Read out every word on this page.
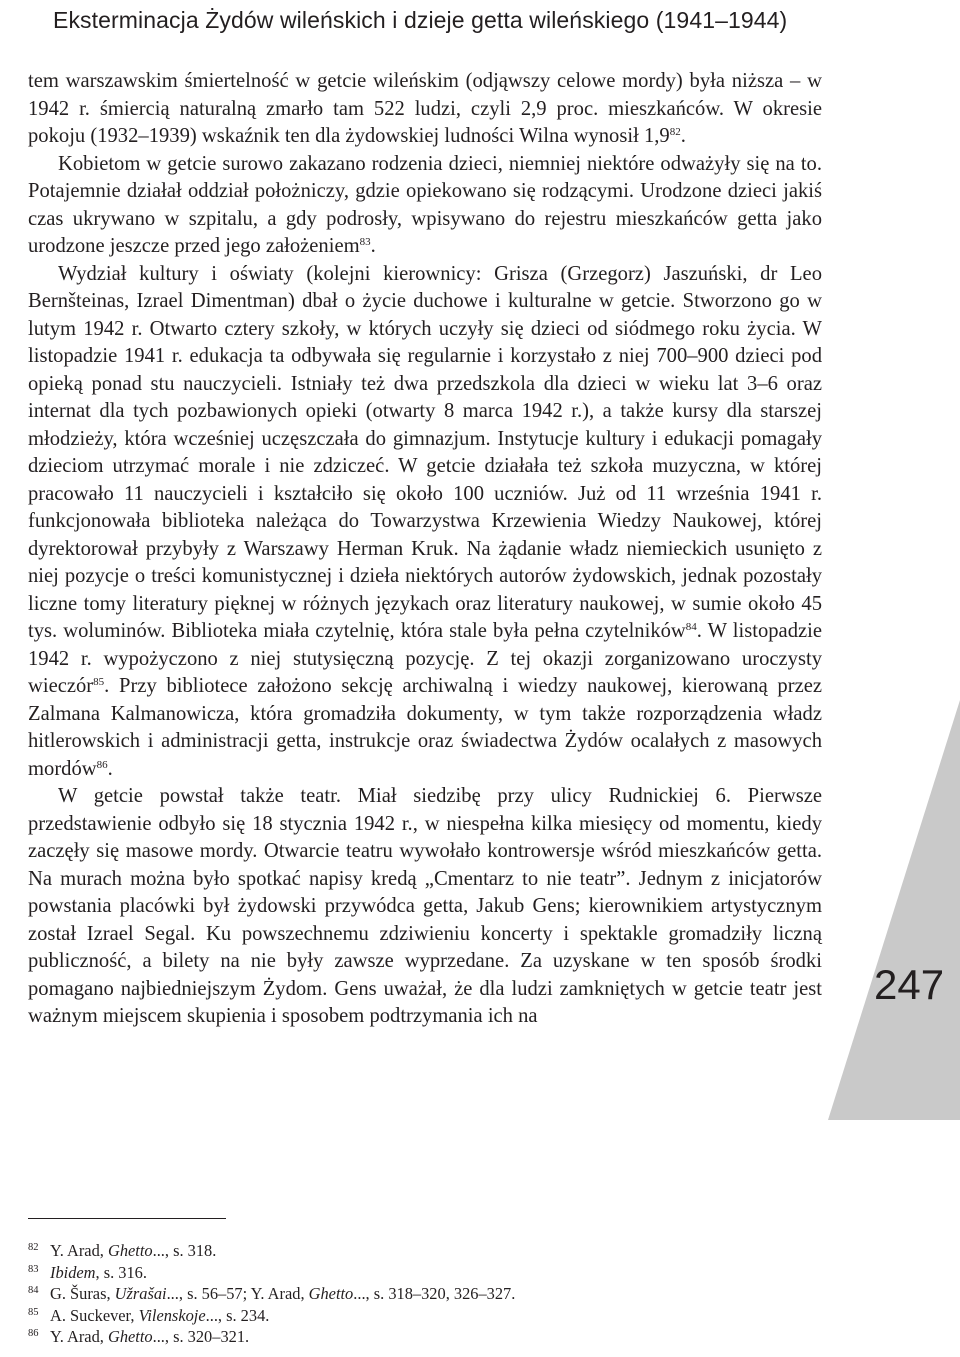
Eksterminacja Żydów wileńskich i dzieje getta wileńskiego (1941–1944)
247

tem warszawskim śmiertelność w getcie wileńskim (odjąwszy celowe mordy) była niższa – w 1942 r. śmiercią naturalną zmarło tam 522 ludzi, czyli 2,9 proc. mieszkańców. W okresie pokoju (1932–1939) wskaźnik ten dla żydowskiej ludności Wilna wynosił $1,9^{82}$.

Kobietom w getcie surowo zakazano rodzenia dzieci, niemniej niektóre odważyły się na to. Potajemnie działał oddział położniczy, gdzie opiekowano się rodzącymi. Urodzone dzieci jakiś czas ukrywano w szpitalu, a gdy podrosły, wpisywano do rejestru mieszkańców getta jako urodzone jeszcze przed jego założeniem$^{83}$.

Wydział kultury i oświaty (kolejni kierownicy: Grisza (Grzegorz) Jaszuński, dr Leo Bernšteinas, Izrael Dimentman) dbał o życie duchowe i kulturalne w getcie. Stworzono go w lutym 1942 r. Otwarto cztery szkoły, w których uczyły się dzieci od siódmego roku życia. W listopadzie 1941 r. edukacja ta odbywała się regularnie i korzystało z niej 700–900 dzieci pod opieką ponad stu nauczycieli. Istniały też dwa przedszkola dla dzieci w wieku lat 3–6 oraz internat dla tych pozbawionych opieki (otwarty 8 marca 1942 r.), a także kursy dla starszej młodzieży, która wcześniej uczęszczała do gimnazjum. Instytucje kultury i edukacji pomagały dzieciom utrzymać morale i nie zdziczeć. W getcie działała też szkoła muzyczna, w której pracowało 11 nauczycieli i kształciło się około 100 uczniów. Już od 11 września 1941 r. funkcjonowała biblioteka należąca do Towarzystwa Krzewienia Wiedzy Naukowej, której dyrektorował przybyły z Warszawy Herman Kruk. Na żądanie władz niemieckich usunięto z niej pozycje o treści komunistycznej i dzieła niektórych autorów żydowskich, jednak pozostały liczne tomy literatury pięknej w różnych językach oraz literatury naukowej, w sumie około 45 tys. woluminów. Biblioteka miała czytelnię, która stale była pełna czytelników$^{84}$. W listopadzie 1942 r. wypożyczono z niej stutysięczną pozycję. Z tej okazji zorganizowano uroczysty wieczór$^{85}$. Przy bibliotece założono sekcję archiwalną i wiedzy naukowej, kierowaną przez Zalmana Kalmanowicza, która gromadziła dokumenty, w tym także rozporządzenia władz hitlerowskich i administracji getta, instrukcje oraz świadectwa Żydów ocalałych z masowych mordów$^{86}$.

W getcie powstał także teatr. Miał siedzibę przy ulicy Rudnickiej 6. Pierwsze przedstawienie odbyło się 18 stycznia 1942 r., w niespełna kilka miesięcy od momentu, kiedy zaczęły się masowe mordy. Otwarcie teatru wywołało kontrowersje wśród mieszkańców getta. Na murach można było spotkać napisy kredą „Cmentarz to nie teatr”. Jednym z inicjatorów powstania placówki był żydowski przywódca getta, Jakub Gens; kierownikiem artystycznym został Izrael Segal. Ku powszechnemu zdziwieniu koncerty i spektakle gromadziły liczną publiczność, a bilety na nie były zawsze wyprzedane. Za uzyskane w ten sposób środki pomagano najbiedniejszym Żydom. Gens uważał, że dla ludzi zamkniętych w getcie teatr jest ważnym miejscem skupienia i sposobem podtrzymania ich na

82 Y. Arad, Ghetto..., s. 318.
83 Ibidem, s. 316.
84 G. Šuras, Užrašai..., s. 56–57; Y. Arad, Ghetto..., s. 318–320, 326–327.
85 A. Suckever, Vilenskoje..., s. 234.
86 Y. Arad, Ghetto..., s. 320–321.
